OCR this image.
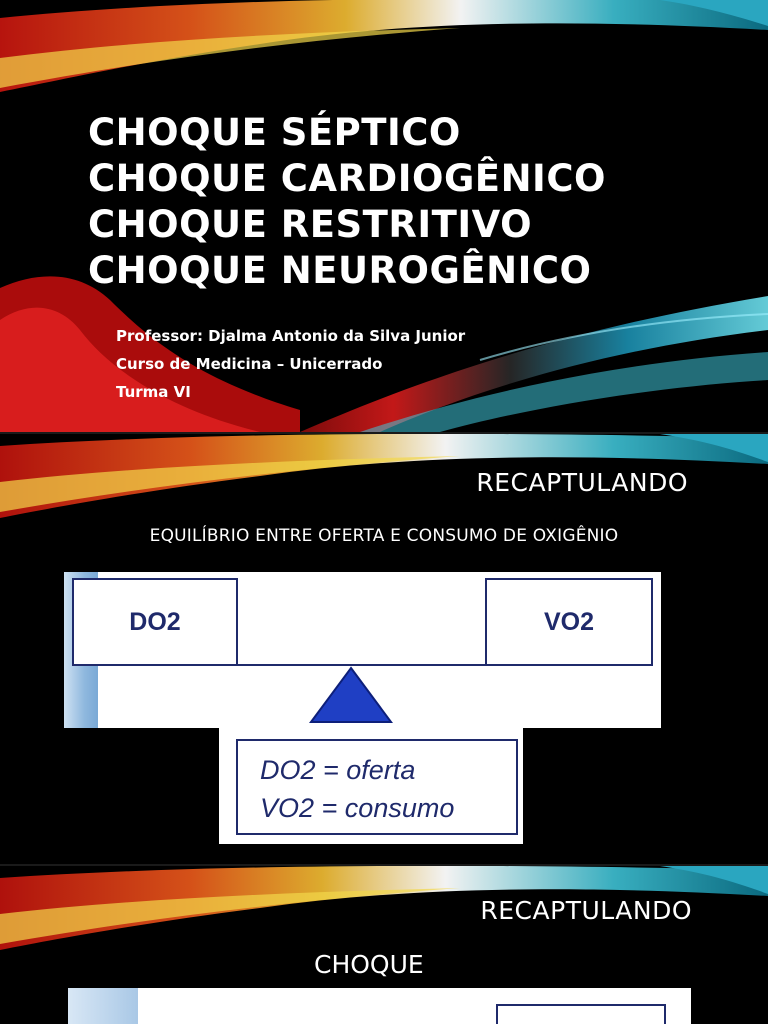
CHOQUE SÉPTICO
CHOQUE CARDIOGÊNICO
CHOQUE RESTRITIVO
CHOQUE NEUROGÊNICO
Professor: Djalma Antonio da Silva Junior
Curso de Medicina – Unicerrado
Turma VI
RECAPTULANDO
EQUILÍBRIO ENTRE OFERTA E CONSUMO DE OXIGÊNIO
DO2	VO2
DO2 = oferta
VO2 = consumo
RECAPTULANDO
CHOQUE
